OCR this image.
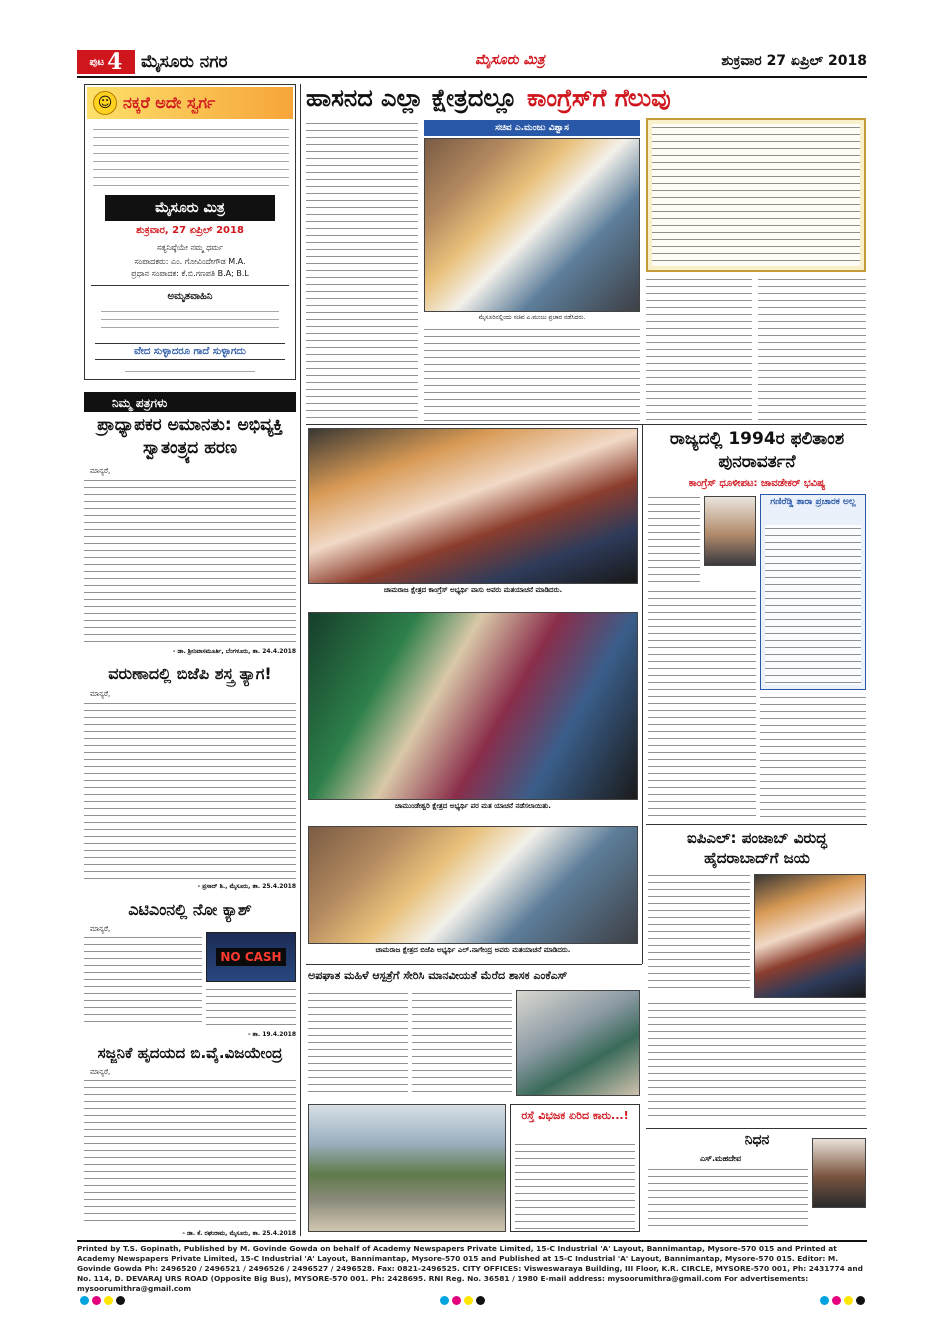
ಪುಟ 4 ಮೈಸೂರು ನಗರ	ಮೈಸೂರು ಮಿತ್ರ	ಶುಕ್ರವಾರ 27 ಏಪ್ರಿಲ್ 2018
☺ ನಕ್ಕರೆ ಅದೇ ಸ್ವರ್ಗ
ಮೈಸೂರು ಮಿತ್ರ
ಶುಕ್ರವಾರ, 27 ಏಪ್ರಿಲ್ 2018
ಸತ್ಯನಿಷ್ಠೆಯೇ ನಮ್ಮ ಧರ್ಮ
ಸಂಪಾದಕರು: ಎಂ. ಗೋವಿಂದೇಗೌಡ M.A.
ಪ್ರಧಾನ ಸಂಪಾದಕ: ಕೆ.ಬಿ.ಗಣಪತಿ B.A; B.L
ಅಮೃತವಾಹಿನಿ
ವೇದ ಸುಳ್ಳಾದರೂ ಗಾದೆ ಸುಳ್ಳಾಗದು
ನಿಮ್ಮ ಪತ್ರಗಳು
ಪ್ರಾಧ್ಯಾಪಕರ ಅಮಾನತು: ಅಭಿವ್ಯಕ್ತಿ ಸ್ವಾತಂತ್ರ್ಯದ ಹರಣ
ಮಾನ್ಯರೆ,
- ಡಾ. ಶ್ರೀನಿವಾಸಮೂರ್ತಿ, ಬೆಂಗಳೂರು, ತಾ. 24.4.2018
ವರುಣಾದಲ್ಲಿ ಬಿಜೆಪಿ ಶಸ್ತ್ರ ತ್ಯಾಗ!
ಮಾನ್ಯರೆ,
- ಪ್ರಸಾದ್ ಶಿ., ಮೈಸೂರು, ತಾ. 25.4.2018
ಎಟಿಎಂನಲ್ಲಿ ನೋ ಕ್ಯಾಶ್
ಮಾನ್ಯರೆ,
NO CASH
- ತಾ. 19.4.2018
ಸಜ್ಜನಿಕೆ ಹೃದಯದ ಬಿ.ವೈ.ವಿಜಯೇಂದ್ರ
ಮಾನ್ಯರೆ,
- ಡಾ. ಕೆ. ರಘುರಾಮ, ಮೈಸೂರು, ತಾ. 25.4.2018
ಹಾಸನದ ಎಲ್ಲಾ ಕ್ಷೇತ್ರದಲ್ಲೂ ಕಾಂಗ್ರೆಸ್‌ಗೆ ಗೆಲುವು
ಸಚಿವ ಎ.ಮಂಜು ವಿಶ್ವಾಸ
ಮೈಸೂರಿನಲ್ಲಿಂದು ಸಚಿವ ಎ.ಮಂಜು ಪ್ರಚಾರ ನಡೆಸಿದರು.
ಚಾಮರಾಜ ಕ್ಷೇತ್ರದ ಕಾಂಗ್ರೆಸ್ ಅಭ್ಯರ್ಥಿ ವಾಸು ಅವರು ಮತಯಾಚನೆ ಮಾಡಿದರು.
ಚಾಮುಂಡೇಶ್ವರಿ ಕ್ಷೇತ್ರದ ಅಭ್ಯರ್ಥಿ ಪರ ಮತ ಯಾಚನೆ ನಡೆಸಲಾಯಿತು.
ಚಾಮರಾಜ ಕ್ಷೇತ್ರದ ಬಿಜೆಪಿ ಅಭ್ಯರ್ಥಿ ಎಲ್.ನಾಗೇಂದ್ರ ಅವರು ಮತಯಾಚನೆ ಮಾಡಿದರು.
ರಾಜ್ಯದಲ್ಲಿ 1994ರ ಫಲಿತಾಂಶ ಪುನರಾವರ್ತನೆ
ಕಾಂಗ್ರೆಸ್ ಧೂಳೀಪಟ: ಜಾವಡೇಕರ್ ಭವಿಷ್ಯ
ಗಣಿರೆಡ್ಡಿ ತಾರಾ ಪ್ರಚಾರಕ ಅಲ್ಲ
ಐಪಿಎಲ್: ಪಂಜಾಬ್ ವಿರುದ್ಧ ಹೈದರಾಬಾದ್‌ಗೆ ಜಯ
ನಿಧನ
ಎಸ್.ಮಹದೇವ
ಅಪಘಾತ ಮಹಿಳೆ ಆಸ್ಪತ್ರೆಗೆ ಸೇರಿಸಿ ಮಾನವೀಯತೆ ಮೆರೆದ ಶಾಸಕ ಎಂಕೆಎಸ್
ರಸ್ತೆ ವಿಭಜಕ ಏರಿದ ಕಾರು...!
Printed by T.S. Gopinath, Published by M. Govinde Gowda on behalf of Academy Newspapers Private Limited, 15-C Industrial 'A' Layout, Bannimantap, Mysore-570 015 and Printed at Academy Newspapers Private Limited, 15-C Industrial 'A' Layout, Bannimantap, Mysore-570 015 and Published at 15-C Industrial 'A' Layout, Bannimantap, Mysore-570 015. Editor: M. Govinde Gowda Ph: 2496520 / 2496521 / 2496526 / 2496527 / 2496528. Fax: 0821-2496525. CITY OFFICES: Visweswaraya Building, III Floor, K.R. CIRCLE, MYSORE-570 001, Ph: 2431774 and No. 114, D. DEVARAJ URS ROAD (Opposite Big Bus), MYSORE-570 001. Ph: 2428695. RNI Reg. No. 36581 / 1980 E-mail address: mysoorumithra@gmail.com For advertisements: mysoorumithra@gmail.com
